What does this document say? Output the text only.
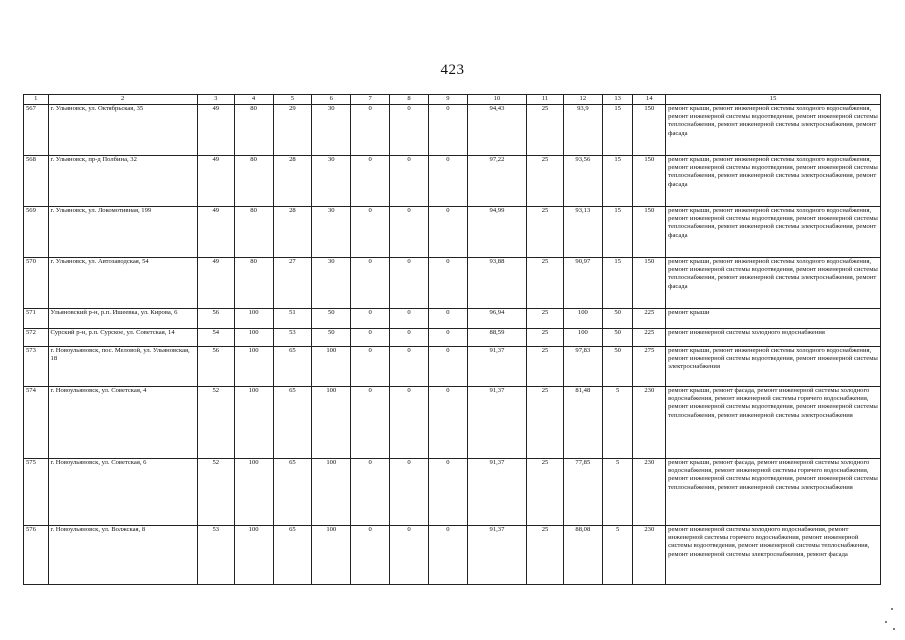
423
1	2	3	4	5	6	7	8	9	10	11	12	13	14	15
567	г. Ульяновск, ул. Октябрьская, 35	49	80	29	30	0	0	0	94,43	25	93,9	15	150	ремонт крыши, ремонт инженерной системы холодного водоснабжения, ремонт инженерной системы водоотведения, ремонт инженерной системы теплоснабжения, ремонт инженерной системы электроснабжения, ремонт фасада
568	г. Ульяновск, пр-д Полбина, 32	49	80	28	30	0	0	0	97,22	25	93,56	15	150	ремонт крыши, ремонт инженерной системы холодного водоснабжения, ремонт инженерной системы водоотведения, ремонт инженерной системы теплоснабжения, ремонт инженерной системы электроснабжения, ремонт фасада
569	г. Ульяновск, ул. Локомотивная, 199	49	80	28	30	0	0	0	94,99	25	93,13	15	150	ремонт крыши, ремонт инженерной системы холодного водоснабжения, ремонт инженерной системы водоотведения, ремонт инженерной системы теплоснабжения, ремонт инженерной системы электроснабжения, ремонт фасада
570	г. Ульяновск, ул. Автозаводская, 54	49	80	27	30	0	0	0	93,88	25	90,97	15	150	ремонт крыши, ремонт инженерной системы холодного водоснабжения, ремонт инженерной системы водоотведения, ремонт инженерной системы теплоснабжения, ремонт инженерной системы электроснабжения, ремонт фасада
571	Ульяновский р-н, р.п. Ишеевка, ул. Кирова, 6	56	100	51	50	0	0	0	96,94	25	100	50	225	ремонт крыши
572	Сурский р-н, р.п. Сурское, ул. Советская, 14	54	100	53	50	0	0	0	88,59	25	100	50	225	ремонт инженерной системы холодного водоснабжения
573	г. Новоульяновск, пос. Меловой, ул. Ульяновская, 18	56	100	65	100	0	0	0	91,37	25	97,83	50	275	ремонт крыши, ремонт инженерной системы холодного водоснабжения, ремонт инженерной системы водоотведения, ремонт инженерной системы электроснабжения
574	г. Новоульяновск, ул. Советская, 4	52	100	65	100	0	0	0	91,37	25	81,48	5	230	ремонт крыши, ремонт фасада, ремонт инженерной системы холодного водоснабжения, ремонт инженерной системы горячего водоснабжения, ремонт инженерной системы водоотведения, ремонт инженерной системы теплоснабжения, ремонт инженерной системы электроснабжения
575	г. Новоульяновск, ул. Советская, 6	52	100	65	100	0	0	0	91,37	25	77,85	5	230	ремонт крыши, ремонт фасада, ремонт инженерной системы холодного водоснабжения, ремонт инженерной системы горячего водоснабжения, ремонт инженерной системы водоотведения, ремонт инженерной системы теплоснабжения, ремонт инженерной системы электроснабжения
576	г. Новоульяновск, ул. Волжская, 8	53	100	65	100	0	0	0	91,37	25	88,08	5	230	ремонт инженерной системы холодного водоснабжения, ремонт инженерной системы горячего водоснабжения, ремонт инженерной системы водоотведения, ремонт инженерной системы теплоснабжения, ремонт инженерной системы электроснабжения, ремонт фасада
